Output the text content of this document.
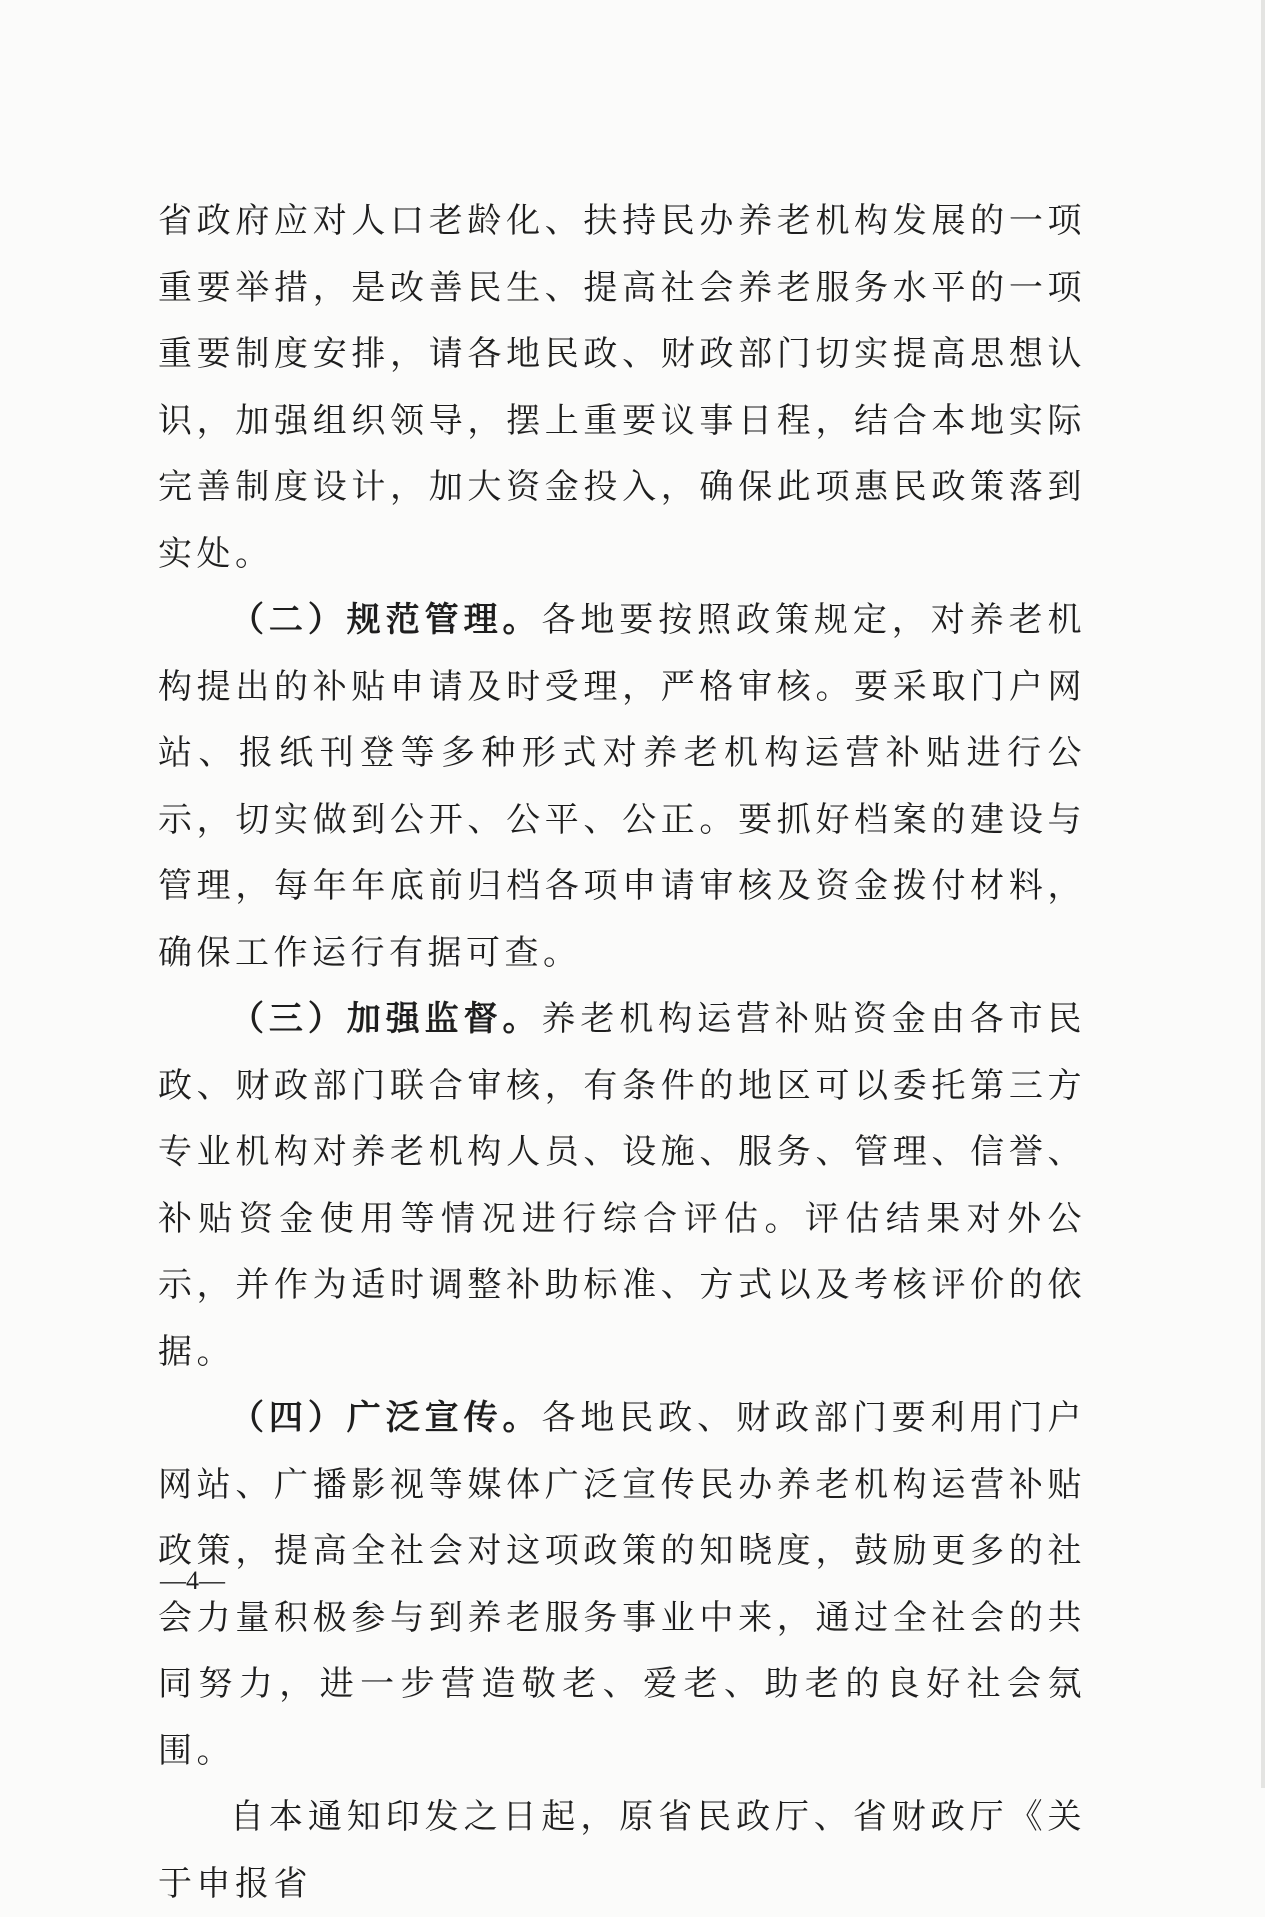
省政府应对人口老龄化、扶持民办养老机构发展的一项重要举措，是改善民生、提高社会养老服务水平的一项重要制度安排，请各地民政、财政部门切实提高思想认识，加强组织领导，摆上重要议事日程，结合本地实际完善制度设计，加大资金投入，确保此项惠民政策落到实处。

（二）规范管理。各地要按照政策规定，对养老机构提出的补贴申请及时受理，严格审核。要采取门户网站、报纸刊登等多种形式对养老机构运营补贴进行公示，切实做到公开、公平、公正。要抓好档案的建设与管理，每年年底前归档各项申请审核及资金拨付材料，确保工作运行有据可查。

（三）加强监督。养老机构运营补贴资金由各市民政、财政部门联合审核，有条件的地区可以委托第三方专业机构对养老机构人员、设施、服务、管理、信誉、补贴资金使用等情况进行综合评估。评估结果对外公示，并作为适时调整补助标准、方式以及考核评价的依据。

（四）广泛宣传。各地民政、财政部门要利用门户网站、广播影视等媒体广泛宣传民办养老机构运营补贴政策，提高全社会对这项政策的知晓度，鼓励更多的社会力量积极参与到养老服务事业中来，通过全社会的共同努力，进一步营造敬老、爱老、助老的良好社会氛围。

自本通知印发之日起，原省民政厅、省财政厅《关于申报省

—4—
